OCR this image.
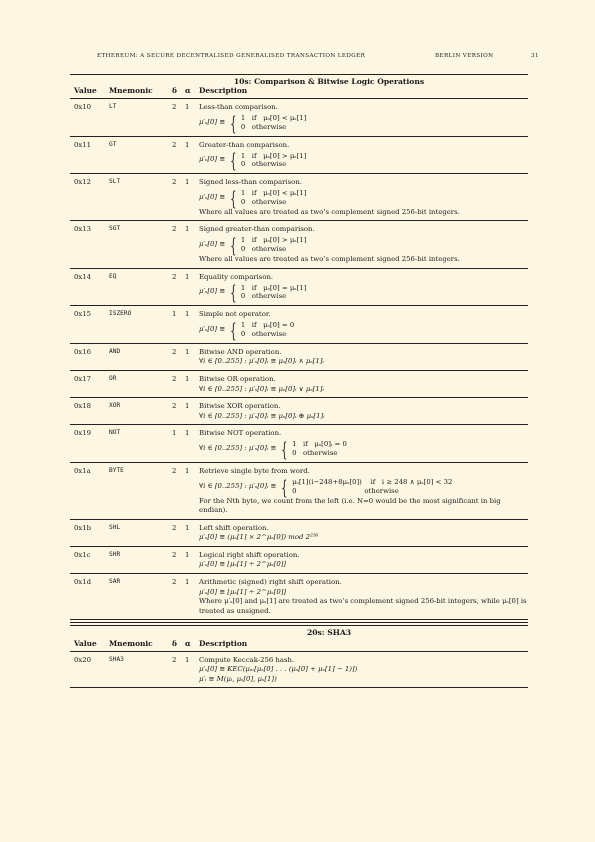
ETHEREUM: A SECURE DECENTRALISED GENERALISED TRANSACTION LEDGER	BERLIN VERSION	31
10s: Comparison & Bitwise Logic Operations
Value Mnemonic	δ α Description
0x10	LT	2 1 Less-than comparison.
μ′ₛ[0] ≡ { 1   if   μₛ[0] < μₛ[1]
0   otherwise
0x11	GT	2 1 Greater-than comparison.
μ′ₛ[0] ≡ { 1   if   μₛ[0] > μₛ[1]
0   otherwise
0x12	SLT	2 1 Signed less-than comparison.
μ′ₛ[0] ≡ { 1   if   μₛ[0] < μₛ[1]
0   otherwise
Where all values are treated as two’s complement signed 256-bit integers.
0x13	SGT	2 1 Signed greater-than comparison.
μ′ₛ[0] ≡ { 1   if   μₛ[0] > μₛ[1]
0   otherwise
Where all values are treated as two’s complement signed 256-bit integers.
0x14	EQ	2 1 Equality comparison.
μ′ₛ[0] ≡ { 1   if   μₛ[0] = μₛ[1]
0   otherwise
0x15	ISZERO	1 1 Simple not operator.
μ′ₛ[0] ≡ { 1   if   μₛ[0] = 0
0   otherwise
0x16	AND	2 1 Bitwise AND operation.
∀i ∈ [0..255] : μ′ₛ[0]ᵢ ≡ μₛ[0]ᵢ ∧ μₛ[1]ᵢ
0x17	OR	2 1 Bitwise OR operation.
∀i ∈ [0..255] : μ′ₛ[0]ᵢ ≡ μₛ[0]ᵢ ∨ μₛ[1]ᵢ
0x18	XOR	2 1 Bitwise XOR operation.
∀i ∈ [0..255] : μ′ₛ[0]ᵢ ≡ μₛ[0]ᵢ ⊕ μₛ[1]ᵢ
0x19	NOT	1 1 Bitwise NOT operation.
∀i ∈ [0..255] : μ′ₛ[0]ᵢ ≡ { 1   if   μₛ[0]ᵢ = 0
0   otherwise
0x1a	BYTE	2 1 Retrieve single byte from word.
∀i ∈ [0..255] : μ′ₛ[0]ᵢ ≡ { μₛ[1](i−248+8μₛ[0])    if   i ≥ 248 ∧ μₛ[0] < 32
0                               otherwise
For the Nth byte, we count from the left (i.e. N=0 would be the most significant in big endian).
0x1b	SHL	2 1 Left shift operation.
μ′ₛ[0] ≡ (μₛ[1] × 2^μₛ[0]) mod 2²⁵⁶
0x1c	SHR	2 1 Logical right shift operation.
μ′ₛ[0] ≡ ⌊μₛ[1] ÷ 2^μₛ[0]⌋
0x1d	SAR	2 1 Arithmetic (signed) right shift operation.
μ′ₛ[0] ≡ ⌊μₛ[1] ÷ 2^μₛ[0]⌋
Where μ′ₛ[0] and μₛ[1] are treated as two’s complement signed 256-bit integers, while μₛ[0] is treated as unsigned.
20s: SHA3
Value Mnemonic	δ α Description
0x20	SHA3	2 1 Compute Keccak-256 hash.
μ′ₛ[0] ≡ KEC(μₘ[μₛ[0] . . . (μₛ[0] + μₛ[1] − 1)])
μ′ᵢ ≡ M(μᵢ, μₛ[0], μₛ[1])
